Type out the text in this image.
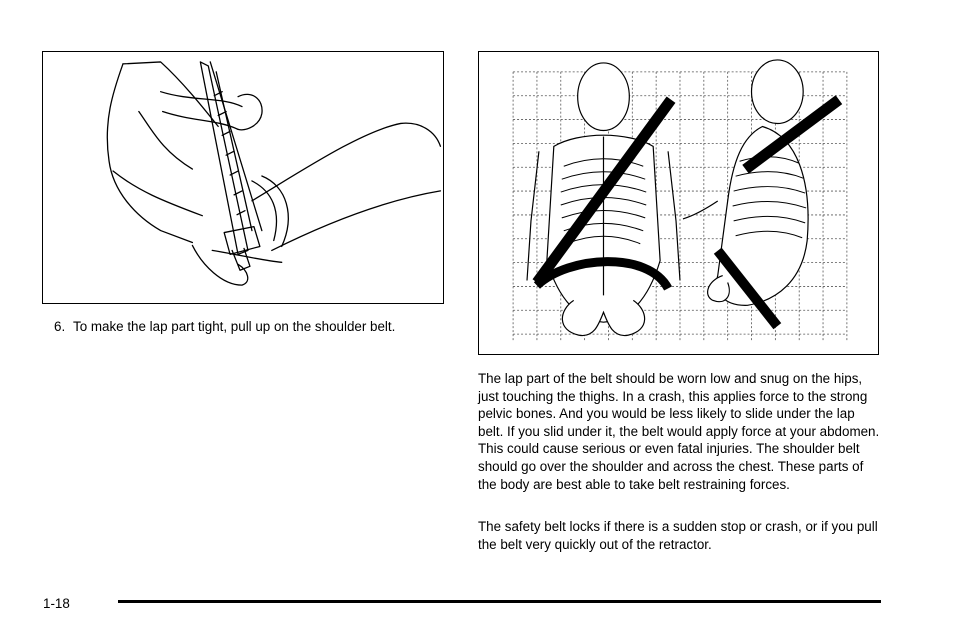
6. To make the lap part tight, pull up on the shoulder belt.

The lap part of the belt should be worn low and snug on the hips, just touching the thighs. In a crash, this applies force to the strong pelvic bones. And you would be less likely to slide under the lap belt. If you slid under it, the belt would apply force at your abdomen. This could cause serious or even fatal injuries. The shoulder belt should go over the shoulder and across the chest. These parts of the body are best able to take belt restraining forces.

The safety belt locks if there is a sudden stop or crash, or if you pull the belt very quickly out of the retractor.

1-18
